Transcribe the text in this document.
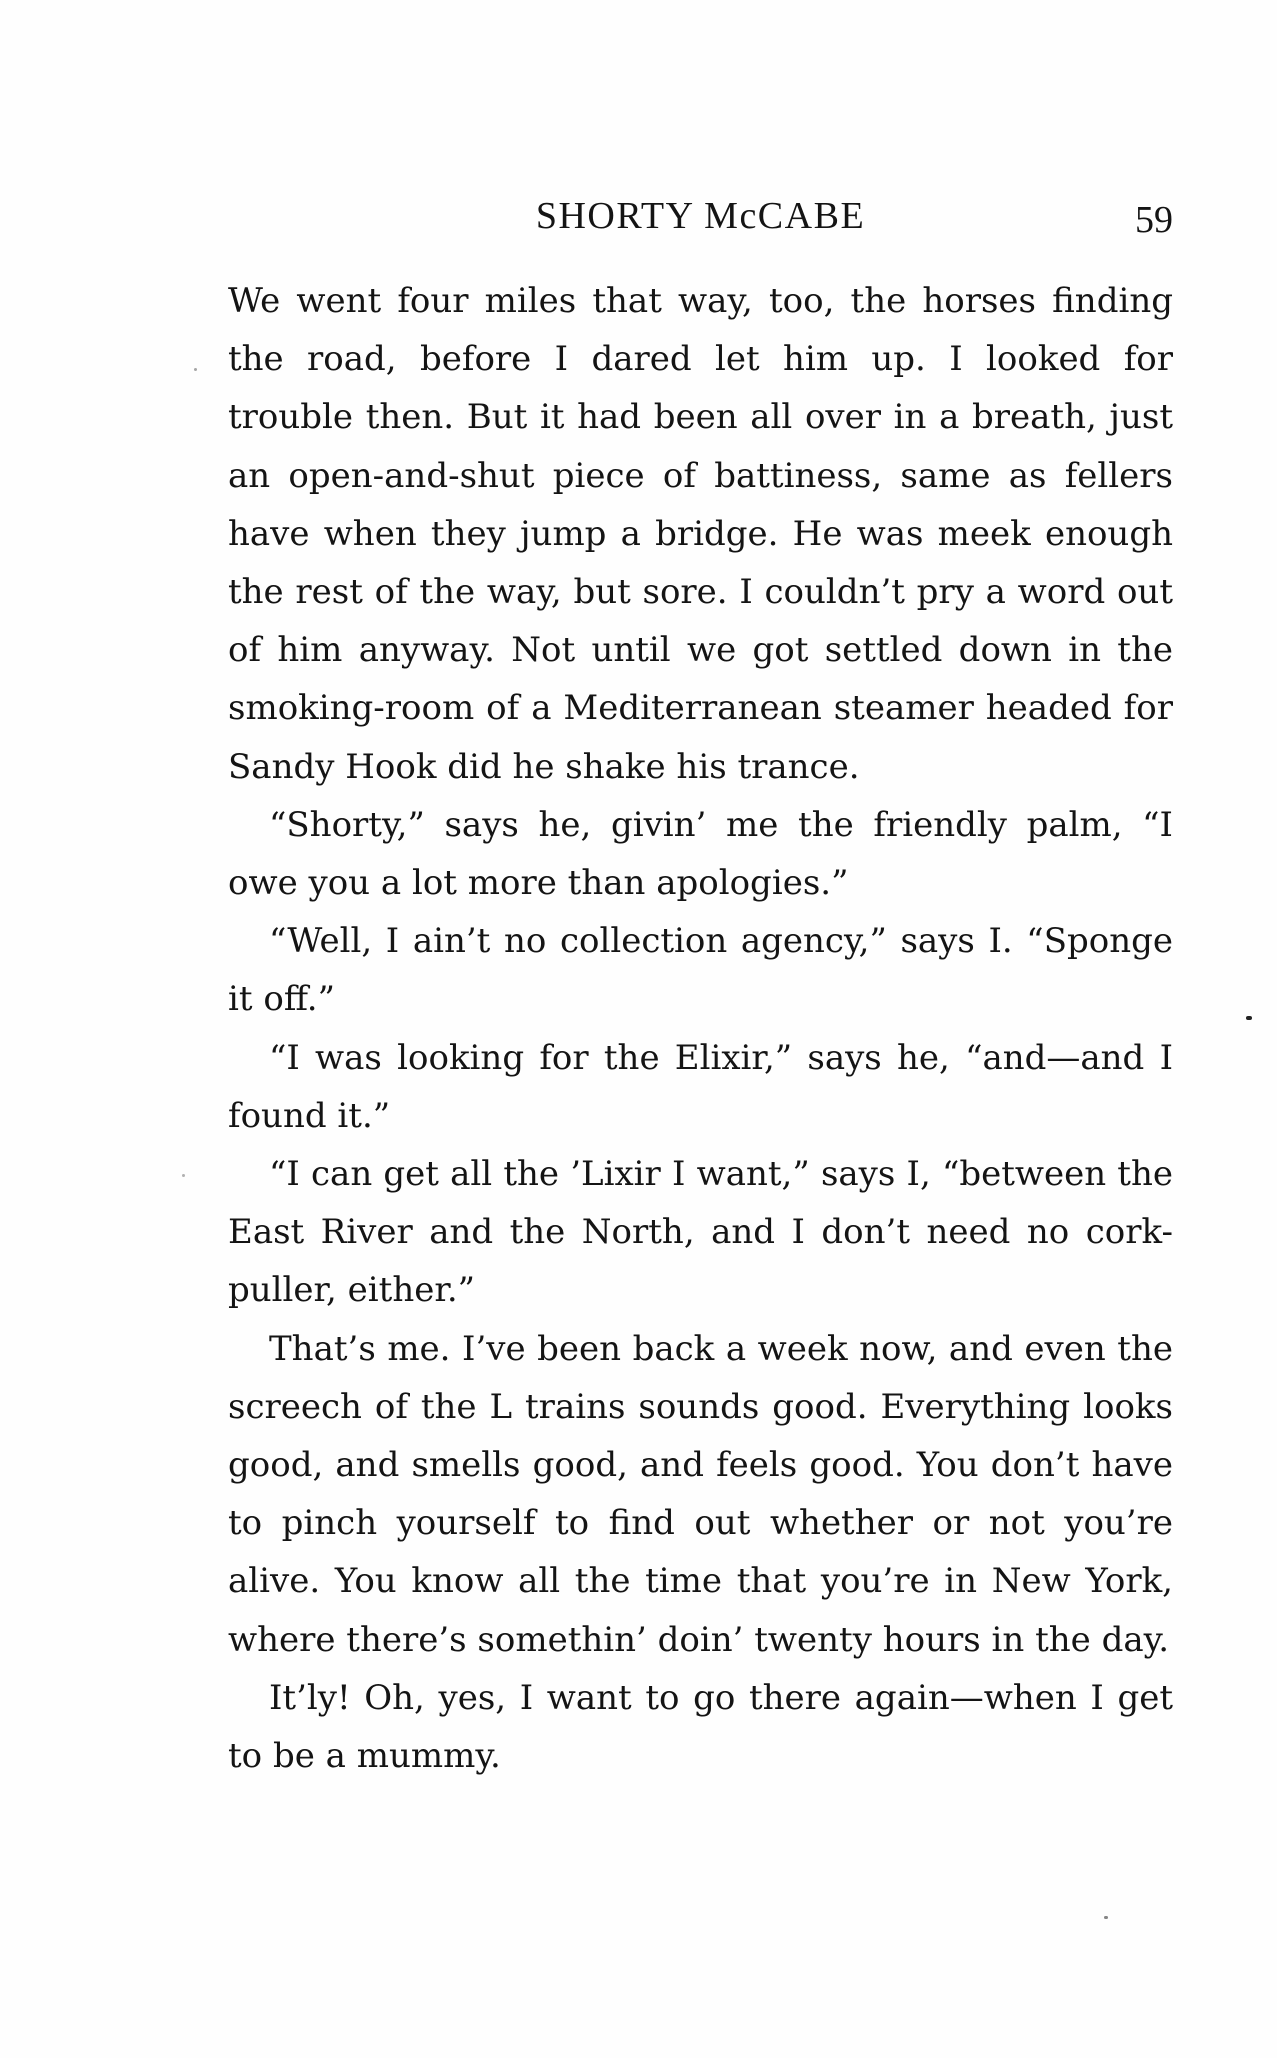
SHORTY McCABE	59

We went four miles that way, too, the horses finding the road, before I dared let him up. I looked for trouble then. But it had been all over in a breath, just an open-and-shut piece of battiness, same as fellers have when they jump a bridge. He was meek enough the rest of the way, but sore. I couldn’t pry a word out of him anyway. Not until we got settled down in the smoking-room of a Mediterranean steamer headed for Sandy Hook did he shake his trance.

“Shorty,” says he, givin’ me the friendly palm, “I owe you a lot more than apologies.”

“Well, I ain’t no collection agency,” says I. “Sponge it off.”

“I was looking for the Elixir,” says he, “and—and I found it.”

“I can get all the ’Lixir I want,” says I, “between the East River and the North, and I don’t need no cork-puller, either.”

That’s me. I’ve been back a week now, and even the screech of the L trains sounds good. Everything looks good, and smells good, and feels good. You don’t have to pinch yourself to find out whether or not you’re alive. You know all the time that you’re in New York, where there’s somethin’ doin’ twenty hours in the day.

It’ly! Oh, yes, I want to go there again—when I get to be a mummy.
